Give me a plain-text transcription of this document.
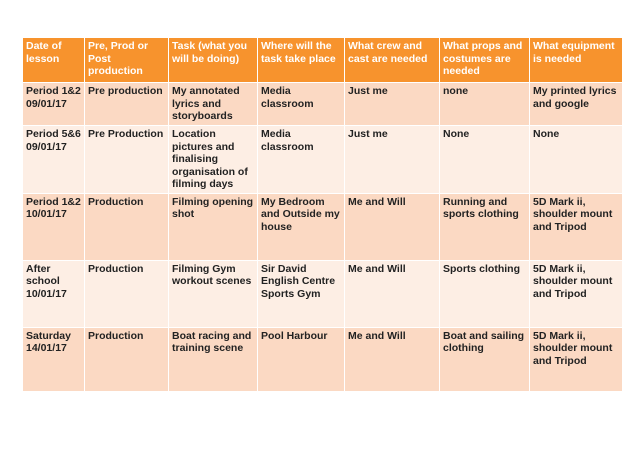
Date of lesson	Pre, Prod or Post production	Task (what you will be doing)	Where will the task take place	What crew and cast are needed	What props and costumes are needed	What equipment is needed
Period 1&2 09/01/17	Pre production	My annotated lyrics and storyboards	Media classroom	Just me	none	My printed lyrics and google
Period 5&6 09/01/17	Pre Production	Location pictures and finalising organisation of filming days	Media classroom	Just me	None	None
Period 1&2 10/01/17	Production	Filming opening shot	My Bedroom and Outside my house	Me and Will	Running and sports clothing	5D Mark ii, shoulder mount and Tripod
After school 10/01/17	Production	Filming Gym workout scenes	Sir David English Centre Sports Gym	Me and Will	Sports clothing	5D Mark ii, shoulder mount and Tripod
Saturday 14/01/17	Production	Boat racing and training scene	Pool Harbour	Me and Will	Boat and sailing clothing	5D Mark ii, shoulder mount and Tripod
